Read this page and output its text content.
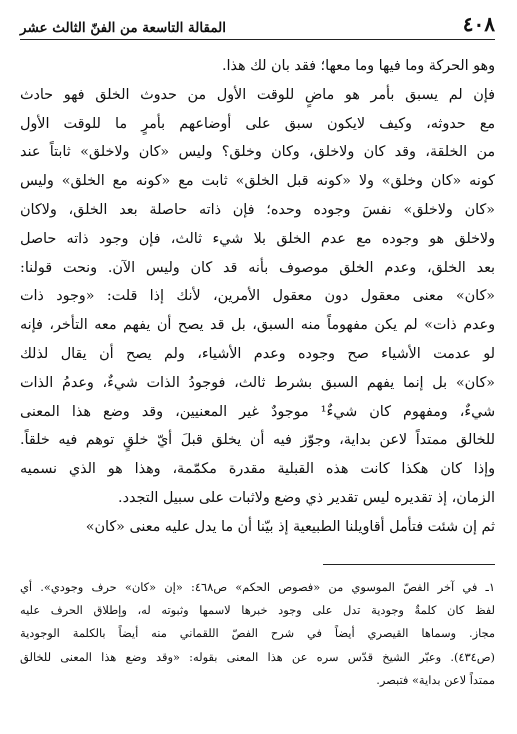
٤٠٨
المقالة التاسعة من الفنّ الثالث عشر
وهو الحركة وما فيها وما معها؛ فقد بان لك هذا.
فإن لم يسبق بأمر هو ماضٍ للوقت الأول من حدوث الخلق فهو حادث
مع حدوثه، وكيف لايكون سبق على أوضاعهم بأمرٍ ما للوقت الأول
من الخلقة، وقد كان ولاخلق، وكان وخلق؟ وليس «كان ولاخلق» ثابتاً عند
كونه «كان وخلق» ولا «كونه قبل الخلق» ثابت مع «كونه مع الخلق» وليس
«كان ولاخلق» نفسَ وجوده وحده؛ فإن ذاته حاصلة بعد الخلق، ولاكان
ولاخلق هو وجوده مع عدم الخلق بلا شيء ثالث، فإن وجود ذاته حاصل
بعد الخلق، وعدم الخلق موصوف بأنه قد كان وليس الآن. ونحت قولنا:
«كان» معنى معقول دون معقول الأمرين، لأنك إذا قلت: «وجود ذات
وعدم ذات» لم يكن مفهوماً منه السبق، بل قد يصح أن يفهم معه التأخر، فإنه
لو عدمت الأشياء صح وجوده وعدم الأشياء، ولم يصح أن يقال لذلك
«كان» بل إنما يفهم السبق بشرط ثالث، فوجودُ الذات شيءٌ، وعدمُ الذات
شيءٌ، ومفهوم كان شيءٌ¹ موجودٌ غير المعنيين، وقد وضع هذا المعنى
للخالق ممتداً لاعن بداية، وجوّز فيه أن يخلق قبلَ أيّ خلقٍ توهم فيه خلقاً.
وإذا كان هكذا كانت هذه القبلية مقدرة مكمّمة، وهذا هو الذي نسميه
الزمان، إذ تقديره ليس تقدير ذي وضع ولاثبات على سبيل التجدد.
ثم إن شئت فتأمل أقاويلنا الطبيعية إذ بيّنا أن ما يدل عليه معنى «كان»
١ـ في آخر الفصّ الموسوي من «فصوص الحكم» ص٤٦٨: «إن «كان» حرف وجودي». أي
لفظ كان كلمةٌ وجودية تدل على وجود خبرها لاسمها وثبوته له، وإطلاق الحرف عليه
مجاز. وسماها القيصري أيضاً في شرح الفصّ اللقماني منه أيضاً بالكلمة الوجودية
(ص٤٣٤). وعبّر الشيخ قدّس سره عن هذا المعنى بقوله: «وقد وضع هذا المعنى للخالق
ممتداً لاعن بداية» فتبصر.
